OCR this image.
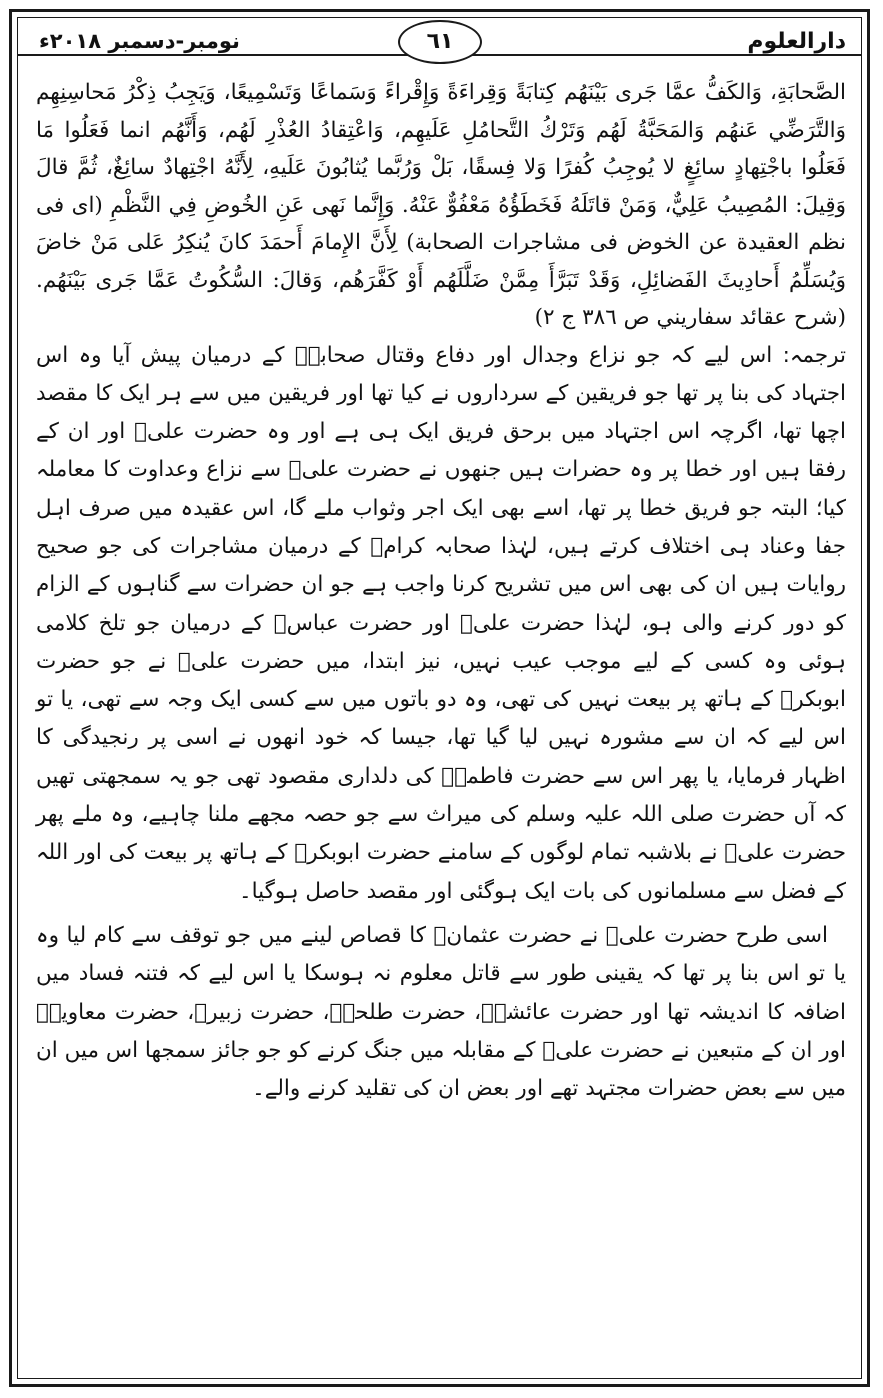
دارالعلوم
نومبر-دسمبر ۲۰۱۸ء	٦١

الصَّحابَةِ، وَالكَفُّ عمَّا جَرى بَيْنَهُم كِتابَةً وَقِراءَةً وَإِقْراءً وَسَماعًا وَتَسْمِيعًا، وَيَجِبُ ذِكْرُ مَحاسِنِهِم وَالتَّرَضِّي عَنهُم وَالمَحَبَّةُ لَهُم وَتَرْكُ التَّحامُلِ عَلَيهِم، وَاعْتِقادُ العُذْرِ لَهُم، وَأَنَّهُم انما فَعَلُوا مَا فَعَلُوا باجْتِهادٍ سائِغٍ لا يُوجِبُ كُفرًا وَلا فِسقًا، بَلْ وَرُبَّما يُثابُونَ عَلَيهِ، لِأَنَّهُ اجْتِهادٌ سائِغٌ، ثُمَّ قالَ وَقِيلَ: المُصِيبُ عَلِيٌّ، وَمَنْ قاتَلَهُ فَخَطَؤُهُ مَعْفُوٌّ عَنْهُ. وَإِنَّما نَهى عَنِ الخُوضِ فِي النَّظْمِ (اى فى نظم العقيدة عن الخوض فى مشاجرات الصحابة) لِأَنَّ الإِمامَ أَحمَدَ كانَ يُنكِرُ عَلى مَنْ خاضَ وَيُسَلِّمُ أَحادِيثَ الفَضائِلِ، وَقَدْ تَبَرَّأَ مِمَّنْ ضَلَّلَهُم أَوْ كَفَّرَهُم، وَقالَ: السُّكُوتُ عَمَّا جَرى بَيْنَهُم. (شرح عقائد سفاريني ص ٣٨٦ ج ٢)

ترجمہ: اس لیے کہ جو نزاع وجدال اور دفاع وقتال صحابہؓ کے درمیان پیش آیا وہ اس اجتہاد کی بنا پر تھا جو فریقین کے سرداروں نے کیا تھا اور فریقین میں سے ہر ایک کا مقصد اچھا تھا، اگرچہ اس اجتہاد میں برحق فریق ایک ہی ہے اور وہ حضرت علیؓ اور ان کے رفقا ہیں اور خطا پر وہ حضرات ہیں جنھوں نے حضرت علیؓ سے نزاع وعداوت کا معاملہ کیا؛ البتہ جو فریق خطا پر تھا، اسے بھی ایک اجر وثواب ملے گا، اس عقیدہ میں صرف اہل جفا وعناد ہی اختلاف کرتے ہیں، لہٰذا صحابہ کرامؓ کے درمیان مشاجرات کی جو صحیح روایات ہیں ان کی بھی اس میں تشریح کرنا واجب ہے جو ان حضرات سے گناہوں کے الزام کو دور کرنے والی ہو، لہٰذا حضرت علیؓ اور حضرت عباسؓ کے درمیان جو تلخ کلامی ہوئی وہ کسی کے لیے موجب عیب نہیں، نیز ابتدا، میں حضرت علیؓ نے جو حضرت ابوبکرؓ کے ہاتھ پر بیعت نہیں کی تھی، وہ دو باتوں میں سے کسی ایک وجہ سے تھی، یا تو اس لیے کہ ان سے مشورہ نہیں لیا گیا تھا، جیسا کہ خود انھوں نے اسی پر رنجیدگی کا اظہار فرمایا، یا پھر اس سے حضرت فاطمہؓ کی دلداری مقصود تھی جو یہ سمجھتی تھیں کہ آں حضرت صلی اللہ علیہ وسلم کی میراث سے جو حصہ مجھے ملنا چاہیے، وہ ملے پھر حضرت علیؓ نے بلاشبہ تمام لوگوں کے سامنے حضرت ابوبکرؓ کے ہاتھ پر بیعت کی اور اللہ کے فضل سے مسلمانوں کی بات ایک ہوگئی اور مقصد حاصل ہوگیا۔

اسی طرح حضرت علیؓ نے حضرت عثمانؓ کا قصاص لینے میں جو توقف سے کام لیا وہ یا تو اس بنا پر تھا کہ یقینی طور سے قاتل معلوم نہ ہوسکا یا اس لیے کہ فتنہ فساد میں اضافہ کا اندیشہ تھا اور حضرت عائشہؓ، حضرت طلحہؓ، حضرت زبیرؓ، حضرت معاویہؓ اور ان کے متبعین نے حضرت علیؓ کے مقابلہ میں جنگ کرنے کو جو جائز سمجھا اس میں ان میں سے بعض حضرات مجتہد تھے اور بعض ان کی تقلید کرنے والے۔
